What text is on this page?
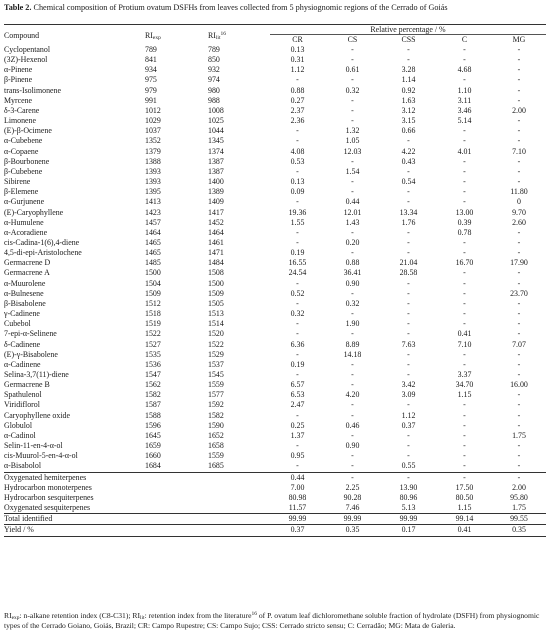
Table 2. Chemical composition of Protium ovatum DSFHs from leaves collected from 5 physiognomic regions of the Cerrado of Goiás
Compound	$RI_{exp}$	$RI_{lit}^{16}$	Relative percentage / %				
			CR	CS	CSS	C	MG
Cyclopentanol	789	789	0.13	-	-	-	-
(3Z)-Hexenol	841	850	0.31	-	-	-	-
α-Pinene	934	932	1.12	0.61	3.28	4.68	-
β-Pinene	975	974	-	-	1.14	-	-
trans-Isolimonene	979	980	0.88	0.32	0.92	1.10	-
Myrcene	991	988	0.27	-	1.63	3.11	-
δ-3-Carene	1012	1008	2.37	-	3.12	3.46	2.00
Limonene	1029	1025	2.36	-	3.15	5.14	-
(E)-β-Ocimene	1037	1044	-	1.32	0.66	-	-
α-Cubebene	1352	1345	-	1.05	-	-	-
α-Copaene	1379	1374	4.08	12.03	4.22	4.01	7.10
β-Bourbonene	1388	1387	0.53	-	0.43	-	-
β-Cubebene	1393	1387	-	1.54	-	-	-
Sibirene	1393	1400	0.13	-	0.54	-	-
β-Elemene	1395	1389	0.09	-	-	-	11.80
α-Gurjunene	1413	1409	-	0.44	-	-	0
(E)-Caryophyllene	1423	1417	19.36	12.01	13.34	13.00	9.70
α-Humulene	1457	1452	1.55	1.43	1.76	0.39	2.60
α-Acoradiene	1464	1464	-	-	-	0.78	-
cis-Cadina-1(6),4-diene	1465	1461	-	0.20	-	-	-
4,5-di-epi-Aristolochene	1465	1471	0.19	-	-	-	-
Germacrene D	1485	1484	16.55	0.88	21.04	16.70	17.90
Germacrene A	1500	1508	24.54	36.41	28.58	-	-
α-Muurolene	1504	1500	-	0.90	-	-	-
α-Bulnesene	1509	1509	0.52	-	-	-	23.70
β-Bisabolene	1512	1505	-	0.32	-	-	-
γ-Cadinene	1518	1513	0.32	-	-	-	-
Cubebol	1519	1514	-	1.90	-	-	-
7-epi-α-Selinene	1522	1520	-	-	-	0.41	-
δ-Cadinene	1527	1522	6.36	8.89	7.63	7.10	7.07
(E)-γ-Bisabolene	1535	1529	-	14.18	-	-	-
α-Cadinene	1536	1537	0.19	-	-	-	-
Selina-3,7(11)-diene	1547	1545	-	-	-	3.37	-
Germacrene B	1562	1559	6.57	-	3.42	34.70	16.00
Spathulenol	1582	1577	6.53	4.20	3.09	1.15	-
Viridiflorol	1587	1592	2.47	-	-	-	-
Caryophyllene oxide	1588	1582	-	-	1.12	-	-
Globulol	1596	1590	0.25	0.46	0.37	-	-
α-Cadinol	1645	1652	1.37	-	-	-	1.75
Selin-11-en-4-α-ol	1659	1658	-	0.90	-	-	-
cis-Muurol-5-en-4-α-ol	1660	1559	0.95	-	-	-	-
α-Bisabolol	1684	1685	-	-	0.55	-	-
Oxygenated hemiterpenes			0.44	-	-	-	-
Hydrocarbon monoterpenes			7.00	2.25	13.90	17.50	2.00
Hydrocarbon sesquiterpenes			80.98	90.28	80.96	80.50	95.80
Oxygenated sesquiterpenes			11.57	7.46	5.13	1.15	1.75
Total identified			99.99	99.99	99.99	99.14	99.55
Yield / %			0.37	0.35	0.17	0.41	0.35

$RI_{exp}$: n-alkane retention index (C8-C31); $RI_{lit}$: retention index from the literature$^{16}$ of P. ovatum leaf dichloromethane soluble fraction of hydrolate (DSFH) from physiognomic types of the Cerrado Goiano, Goiás, Brazil; CR: Campo Rupestre; CS: Campo Sujo; CSS: Cerrado stricto sensu; C: Cerradão; MG: Mata de Galeria.
